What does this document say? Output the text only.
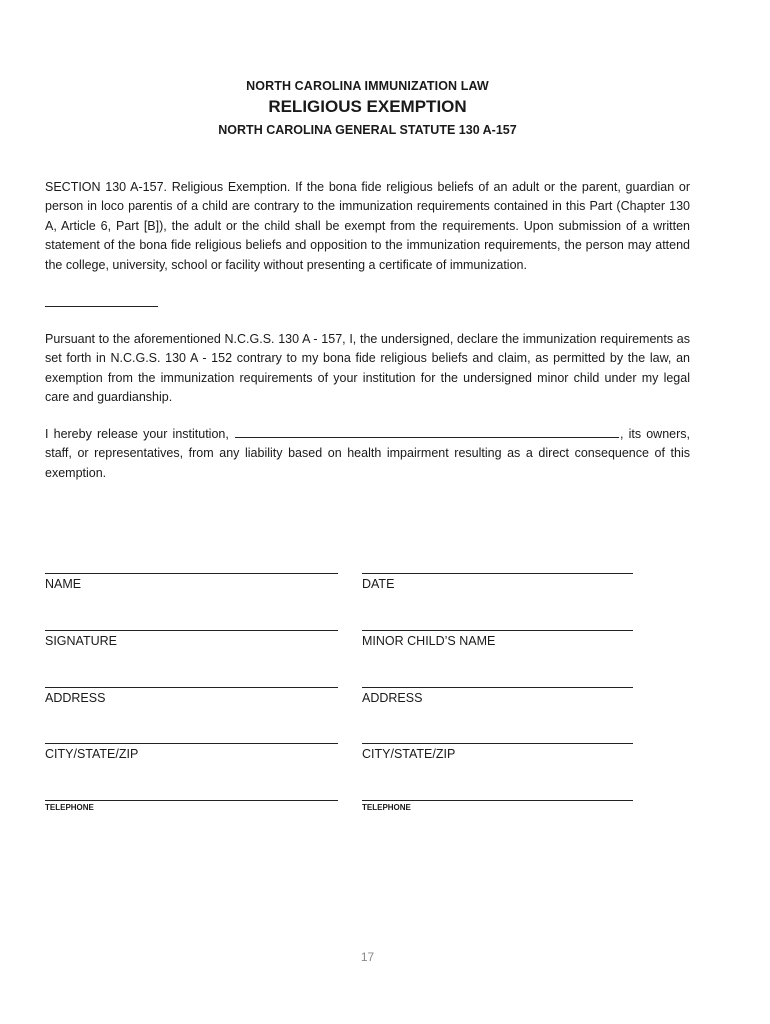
NORTH CAROLINA IMMUNIZATION LAW
RELIGIOUS EXEMPTION
NORTH CAROLINA GENERAL STATUTE 130 A-157
SECTION 130 A-157. Religious Exemption. If the bona fide religious beliefs of an adult or the parent, guardian or person in loco parentis of a child are contrary to the immunization requirements contained in this Part (Chapter 130 A, Article 6, Part [B]), the adult or the child shall be exempt from the requirements. Upon submission of a written statement of the bona fide religious beliefs and opposition to the immunization requirements, the person may attend the college, university, school or facility without presenting a certificate of immunization.
Pursuant to the aforementioned N.C.G.S. 130 A - 157, I, the undersigned, declare the immunization requirements as set forth in N.C.G.S. 130 A - 152 contrary to my bona fide religious beliefs and claim, as permitted by the law, an exemption from the immunization requirements of your institution for the undersigned minor child under my legal care and guardianship.
I hereby release your institution,	, its owners, staff, or representatives, from any liability based on health impairment resulting as a direct consequence of this exemption.
NAME
SIGNATURE
ADDRESS
CITY/STATE/ZIP
TELEPHONE
DATE
MINOR CHILD’S NAME
ADDRESS
CITY/STATE/ZIP
TELEPHONE
17
